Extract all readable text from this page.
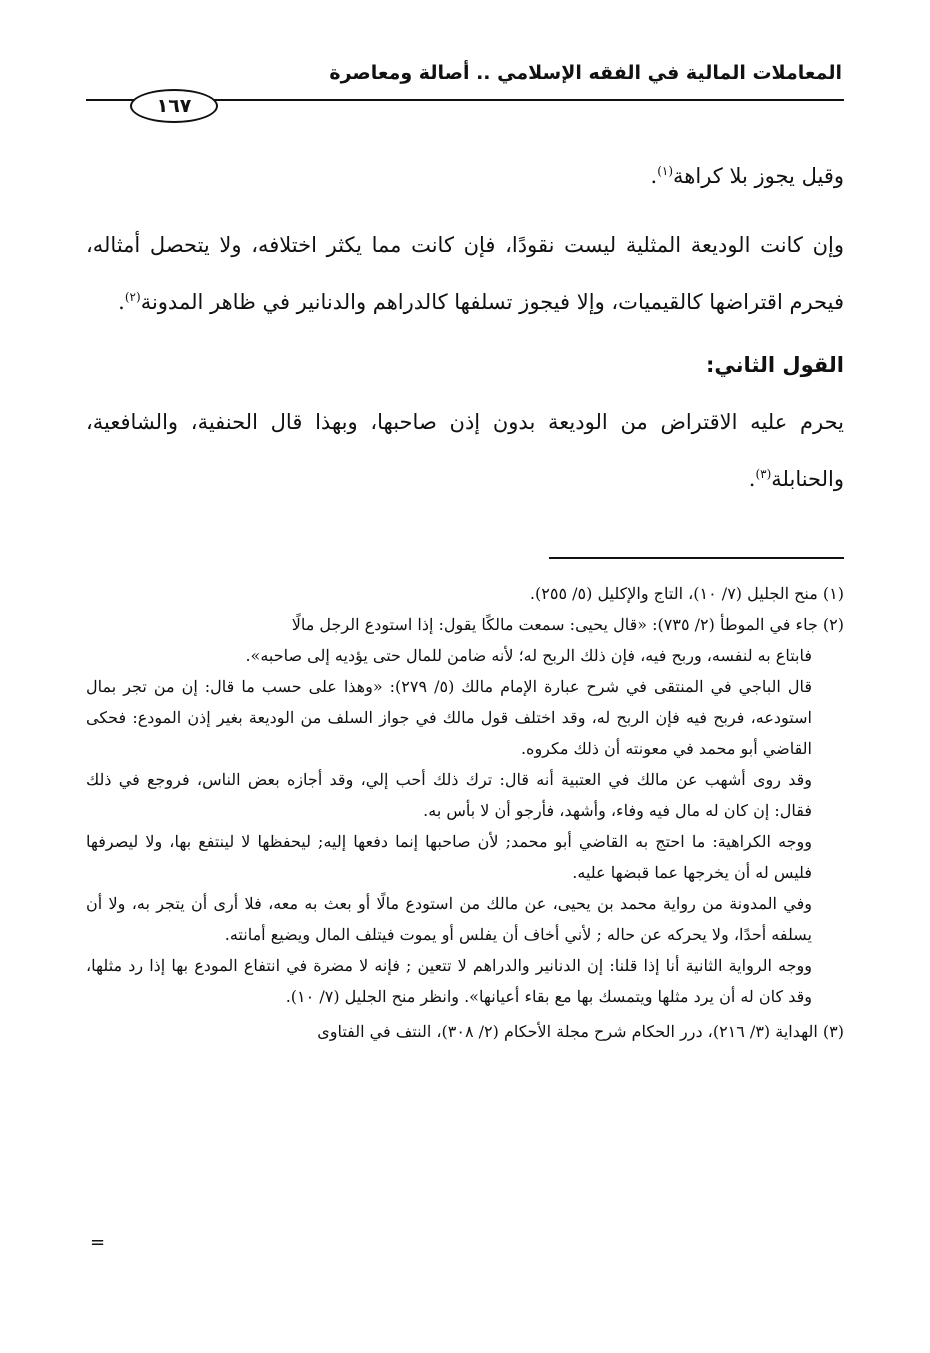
المعاملات المالية في الفقه الإسلامي .. أصالة ومعاصرة
١٦٧

وقيل يجوز بلا كراهة$^{(١)}$.

وإن كانت الوديعة المثلية ليست نقودًا، فإن كانت مما يكثر اختلافه، ولا يتحصل أمثاله، فيحرم اقتراضها كالقيميات، وإلا فيجوز تسلفها كالدراهم والدنانير في ظاهر المدونة$^{(٢)}$.

القول الثاني:

يحرم عليه الاقتراض من الوديعة بدون إذن صاحبها، وبهذا قال الحنفية، والشافعية، والحنابلة$^{(٣)}$.

(١) منح الجليل (٧/ ١٠)، التاج والإكليل (٥/ ٢٥٥).

(٢) جاء في الموطأ (٢/ ٧٣٥): «قال يحيى: سمعت مالكًا يقول: إذا استودع الرجل مالًا

فابتاع به لنفسه، وربح فيه، فإن ذلك الربح له؛ لأنه ضامن للمال حتى يؤديه إلى صاحبه».

قال الباجي في المنتقى في شرح عبارة الإمام مالك (٥/ ٢٧٩): «وهذا على حسب ما قال: إن من تجر بمال استودعه، فربح فيه فإن الربح له، وقد اختلف قول مالك في جواز السلف من الوديعة بغير إذن المودع: فحكى القاضي أبو محمد في معونته أن ذلك مكروه.

وقد روى أشهب عن مالك في العتبية أنه قال: ترك ذلك أحب إلي، وقد أجازه بعض الناس، فروجع في ذلك فقال: إن كان له مال فيه وفاء، وأشهد، فأرجو أن لا بأس به.

ووجه الكراهية: ما احتج به القاضي أبو محمد; لأن صاحبها إنما دفعها إليه; ليحفظها لا لينتفع بها، ولا ليصرفها فليس له أن يخرجها عما قبضها عليه.

وفي المدونة من رواية محمد بن يحيى، عن مالك من استودع مالًا أو بعث به معه، فلا أرى أن يتجر به، ولا أن يسلفه أحدًا، ولا يحركه عن حاله ; لأني أخاف أن يفلس أو يموت فيتلف المال ويضيع أمانته.

ووجه الرواية الثانية أنا إذا قلنا: إن الدنانير والدراهم لا تتعين ; فإنه لا مضرة في انتفاع المودع بها إذا رد مثلها، وقد كان له أن يرد مثلها ويتمسك بها مع بقاء أعيانها». وانظر منح الجليل (٧/ ١٠).

(٣) الهداية (٣/ ٢١٦)، درر الحكام شرح مجلة الأحكام (٢/ ٣٠٨)، النتف في الفتاوى

=
